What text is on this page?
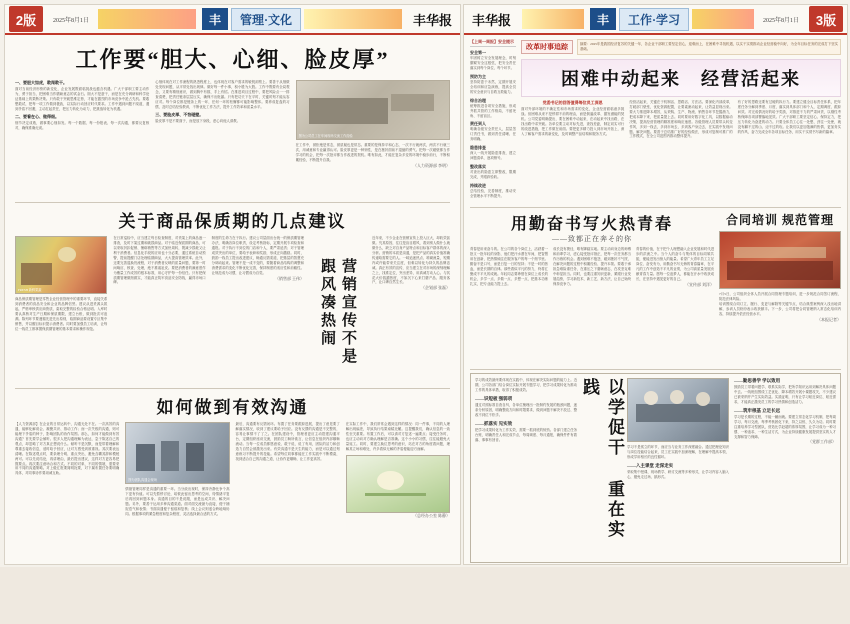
2版	2025年8月1日	丰	管理·文化	丰华报
工作要“胆大、心细、脸皮厚”
一、要胆大如虎，敢闯敢干。
面对当前经济形势的新变化，企业发展既面临挑战也蕴含机遇。广大干部职工要主动作为，勇于担当，把困难当作磨砺意志的试金石。胆大不是蛮干，而是在充分调研和科学论证基础上的果断决策。只有敢于突破思维定势，才能在激烈的市场竞争中抢占先机。要敢想敢试，把每一项工作做到极致，以实际行动回应时代要求。工作中遇到问题不绕道，遇到矛盾不回避，主动扛起责任，把压力转化为动力，把挑战转化为机遇。
二、要看在心、做得细。
细节决定成败，做事要心细如发。每一个数据、每一份报表、每一次沟通，都要反复核对，确保准确无误。
心细体现在对工作流程的熟悉程度上，也体现在对客户需求的敏锐洞察上。要善于从细微处发现问题，从平常处找出规律。做好每一件小事，积小胜为大胜。工作中既要有全局观念，又要有精细意识，做到胸中有数、手上有招。在推进项目过程中，要把风险点一一排查清楚，把责任链条层层压实，确保不出纰漏。只有把功夫下在平时，关键时刻才能从容应对。每个岗位都是链条上的一环，任何一环的松懈都可能影响整体。要养成复盘的习惯，及时总结经验教训，不断优化工作方法，提升工作效率和质量水平。
三、要脸皮厚、不怕碰壁。
脸皮厚不是不要面子，而是放下身段，虚心向他人请教。
图为公司员工在车间现场交流工作经验
在工作中，被拒绝是常态，被质疑也是常态。重要的是保持平和心态，一次不行就两次，两次不行就三次，用诚意和专业赢得认可。脸皮厚更是一种韧性，是在挫折面前不退缩的勇气。把每一次碰壁都当作学习的机会，把每一次批评都当作改进的契机。唯有如此，才能在复杂多变的环境中稳步前行，不断积累经验，不断提升自我。
（人力资源部 李明）
关于商品保质期的几点建议
FRESH 新鲜果蔬
商品保质期管理是零售企业经营管理中的重要环节，直接关系到消费者的食品安全和企业的品牌信誉。建议从进货源头抓起，严格审核供应商资质，索取完整的检验合格证明。入库时要认真核对生产日期和保质期限，建立台账，做到批次可追溯。陈列环节要遵循先进先出原则，临期商品要设置专区集中销售，并以醒目标识提示消费者。同时要加强员工培训，让每位一线员工都掌握保质期管理的基本要求和操作规范。
在日常巡检中，应当建立每日检查制度，对货架上的商品逐一排查，及时下架过期和破损商品。对于临近保质期的商品，可以采取折扣促销、捆绑销售等方式加快周转，既减少损耗又让利于消费者。信息化手段的应用也十分必要，通过系统自动预警，提前提醒门店处理临期商品，大大提高管理效率。此外，还要完善退换货流程，对于消费者反映的质量问题，要第一时间响应、核查、处理，绝不推诿扯皮。要把消费者的满意度作为衡量工作成效的根本标准，用心守护每一份信任。只有把保质期管理做细做实，才能真正筑牢食品安全防线，赢得市场口碑。
制度的生命力在于执行。建议公司层面出台统一的保质期管理办法，明确各岗位职责，设定考核指标，定期开展专项检查和通报。对于执行不到位的门店和个人，要严肃追责；对于管理成效突出的单位，要给予表彰和奖励，形成正向激励。同时，鼓励一线员工提出改进建议，畅通反馈渠道，把基层的智慧充分调动起来。管理不是一成不变的，要随着商品结构的调整和消费需求的变化不断优化完善，保持制度的适应性和前瞻性。让规范成为习惯，让习惯成为自觉。
（销售部 王伟）	营销宣传不是跟风凑热闹
近年来，不少企业在营销宣传上投入巨大，却收效甚微。究其原因，往往是盲目跟风，看到别人做什么就做什么，缺乏对自身产品特点和目标客户群体的深入分析。营销的本质是沟通，是把产品的真实价值准确传递给需要它的人。一味追逐热点、堆砌流量，短期内或许能带来关注度，但难以转化为持久的品牌忠诚。真正有效的宣传，应当建立在对市场的深刻理解之上，找准定位，突出差异，用真诚打动人心。与其花大价钱蹭热度，不如沉下心来打磨产品、服务客户，让口碑自然生长。
（企划部 张磊）
如何做到有效沟通
【人力资源部】在企业的日常运转中，沟通无处不在。一次高效的沟通，能够化解误会、凝聚共识、推动工作；而一次失败的沟通，则可能埋下矛盾的种子，影响团队的协作氛围。那么，如何才能做到有效沟通？首先要学会倾听。很多人把沟通理解为表达，急于陈述自己的观点，却忽略了对方真正想说什么。倾听不是沉默，而是带着理解和尊重去接收信息，适时给予回应，让对方感受到被重视。其次要表达清晰。在陈述观点时，要条理分明、重点突出，避免含糊其辞和模棱两可。可以先说结论，再讲理由，最后提出建议，这样对方更容易把握要点。再次要注意场合和方式。不同的对象、不同的情境，需要采用不同的沟通策略。对上级汇报要简明扼要，对下属布置任务要明确具体，对同事协作要坦诚互助。
图为团队沟通会现场
情绪管理同样是沟通的重要一环。当分歧出现时，保持冷静比争个高下更有价值。可以先暂停讨论，给彼此留出思考的空间，待情绪平复后再回到问题本身。沟通的目的不是说服，而是达成共识、解决问题。另外，要善于运用多种沟通渠道。面对面交流最为直接，便于捕捉语气和表情；书面沟通便于留痕和复核；线上会议则适合跨地域协同。根据事项的紧急程度和复杂程度，灵活选择最合适的方式。
最后，沟通要有反馈闭环。布置了任务要跟踪进展，提出了意见要了解落实情况，收到了建议要给予回应。没有反馈的沟通是不完整的，容易让事情不了了之。在团队建设中，管理者更应主动搭建沟通平台，定期组织座谈交流，鼓励员工畅所欲言，让信息在组织内部顺畅流动。当每一位成员都愿意说、敢于说、说了有用，团队的活力和创造力自然会被激发出来。有效沟通不是天生的能力，而是可以通过刻意练习不断提升的技能。希望每位同事都能在工作实践中不断摸索，找到适合自己的沟通之道，让协作更顺畅，让工作更高效。
在实际工作中，我们常常会遇到这样的情况：同一件事，不同的人理解出现偏差，导致执行结果南辕北辙。这提醒我们，确认信息的一致性至关重要。布置工作后，可以请对方复述一遍要点；接受任务时，也应主动向对方确认理解是否准确。这个小小的习惯，往往能避免大量返工。同时，要建立换位思考的意识，站在对方的角度看问题，理解其立场和难处，许多看似无解的矛盾便能迎刃而解。
（总经办公室 陈静）
丰华报	丰	工作·学习	2025年8月1日	3版
【上周一周报】安全提示
安全第一
牢固树立安全发展理念，时刻绷紧安全这根弦，把安全责任落实到每个岗位、每个环节。
预防为主
坚持防患于未然，定期开展安全培训和应急演练，提高全员的安全意识与自救互救能力。
综合治理
统筹推进各项安全措施，形成齐抓共管的工作格局，不留死角、不留盲区。
责任到人
明确各级安全责任人，层层签订责任书，做到责任清晰、任务明确。
隐患排查
深入一线开展隐患排查，建立问题清单，逐项销号。
整改落实
对查出的隐患立即整改，限期完成，并跟踪验收。
持续改进
总结经验，完善制度，推动安全管理水平不断提升。
改革时事追踪	摘要：2025年是我国经济复苏的关键一年，各企业干部职工要坚定信心，迎难而上，在困难中寻找机遇，以实干实绩推动企业经营稳中向好，为全年目标任务的完成打下坚实基础。
困难中动起来　经营活起来
党委书记的回答值得每位员工深思
面对外部环境的不确定性和市场需求的变化，企业经营面临诸多挑战。但困难从来不是停滞不前的理由，而是倒逼改革、激发潜能的契机。公司党委明确提出，要在困难中动起来，在动起来中找出路，在找出路中求突破。各单位要主动对标先进，查找差距，制定切实可行的改进措施，把工作做在前面。要把更多精力投入到市场开拓上，深入了解客户需求的新变化，及时调整产品结构和服务方式。
经营活起来，关键在于机制活、思路活、方法活。要深化内部改革，打破部门壁垒，优化资源配置，让要素流动起来，让效益显现出来。要大力推进降本增效，从采购、生产、物流、销售各环节挖掘潜力，把成本降下来，把质量提上去。同时要用好数字化工具，以数据驱动决策，提高经营管理的精准度和响应速度。各级管理人员要带头转变作风，多到一线去，多到市场去，多到客户身边去，在实践中发现问题、解决问题。要善于总结推广好的经验做法，形成可复制可推广的工作模式，在全公司范围内推动整体提升。
有了好的思路还要有过硬的执行力。要建立健全目标责任体系，把年度任务分解到季度、月度，落实到具体部门和个人，定期调度、跟踪问效。对完成情况好的给予奖励，对推进不力的严肃问责，以刚性考核保障各项部署落地见效。广大干部职工要坚定信心、保持定力，把压力转化为奋进的动力。只要全体员工心往一处想、劲往一处使，就没有翻不过的山、迈不过的坎。让我们以更加饱满的热情、更加务实的作风，奋力完成全年各项目标任务，用实干实绩书写新的篇章。
用勤奋书写火热青春
——致都正在奔そ的你
青春是用来奋斗的。在公司的各个岗位上，活跃着一批又一批年轻的身影，他们把汗水洒在车间，把智慧用在创新，把热情倾注在服务客户的每一个细节里。勤奋不是口号，而是日复一日的坚持；不是一时的热血，而是长期的自律。那些看似平凡的努力，终将汇聚成不平凡的成就。年轻同志要珍惜在岗位上成长的机会，多学一点、多做一点、多想一点，把基本功练扎实，把专业能力提上去。
成长没有捷径，唯有脚踏实地。要主动向身边的师傅和前辈学习，虚心接受批评指正，把每一次任务都当作历练的机会。遇到困难不抱怨，碰到挫折不气馁，在解决问题的过程中积累经验、提升本领。要敢于承担急难险重任务，在重压之下磨砺意志，在攻坚克难中彰显担当。同时，也要注重知识更新，紧跟行业发展趋势，学习新技术、新工艺、新方法，让自己始终保持竞争力。
青春的价值，在于把个人理想融入企业发展和时代进步的洪流之中。当个人的奋斗与集体的目标同频共振，便能迸发出惊人的能量。希望广大青年员工立足岗位、奋发有为，用勤奋书写无悔的青春篇章，在平凡的工作中创造不平凡的业绩，为公司高质量发展贡献青春力量。愿每一位追梦人，都能在汗水中收获成长，在坚持中遇见更好的自己。
（宣传部 刘洋）
合同培训 规范管理
7月5日，公司组织全体人员开展合同管理专题培训，进一步规范合同签订流程、防范法律风险。
培训围绕合同订立、履行、变更与解除等关键节点，结合典型案例深入浅出地讲解，参训人员纷纷表示收获颇丰。下一步，公司将把合同管理纳入常态化培训内容，持续提升依法经营水平。
（本报记者）
学习的成效最终要体现在实践中，体现在解决实际问题的能力上。近期，公司各部门结合岗位实际开展专题学习，把学习成果转化为推动工作的具体举措，取得了积极成效。
——识短板 强弱项
通过对照标准自查自纠，各单位梳理出一批制约发展的瓶颈问题，逐条分析原因，明确整改方向和时限要求，做到问题不解决不放过、整改不到位不松手。
——抓落实 见实效
把学习成果转化为工作实效，需要一抓到底的韧劲。各部门建立任务台账，明确责任人和完成节点，每周调度、每月通报，确保件件有着落、事事有回音。	以学促干 重在实践
学习不是孤立的环节，而应当与业务工作深度融合。通过把理论知识与岗位技能结合起来，员工在实践中加深理解，在理解中提高本领，形成学用相长的良性循环。
——入主课堂 走深走实
采取集中授课、现场教学、研讨交流等多种形式，让学习内容入脑入心，避免走过场、搞形式。
——勤思善学 学以致用
鼓励员工带着问题学、联系实际学，把所学知识运用到解决具体问题中去。一线班组围绕工艺优化、降本增效开展小课题攻关，不少建议已被采纳并产生实际效益。实践证明，只有让学习贴近岗位、贴近需求，才能真正激发员工的学习热情和创造活力。
——筑牢根基 立足长远
学习是长期的过程，不能一蹴而就。要建立常态化学习机制，把每周学习、每月交流、每季考核固化下来，持之以恒、久久为功。同时要注重培养学习型团队，营造比学赶超的浓厚氛围，让学习成为一种习惯、一种追求、一种生活方式，为企业持续健康发展提供坚实的人才支撑和智力保障。
（党群工作部）
